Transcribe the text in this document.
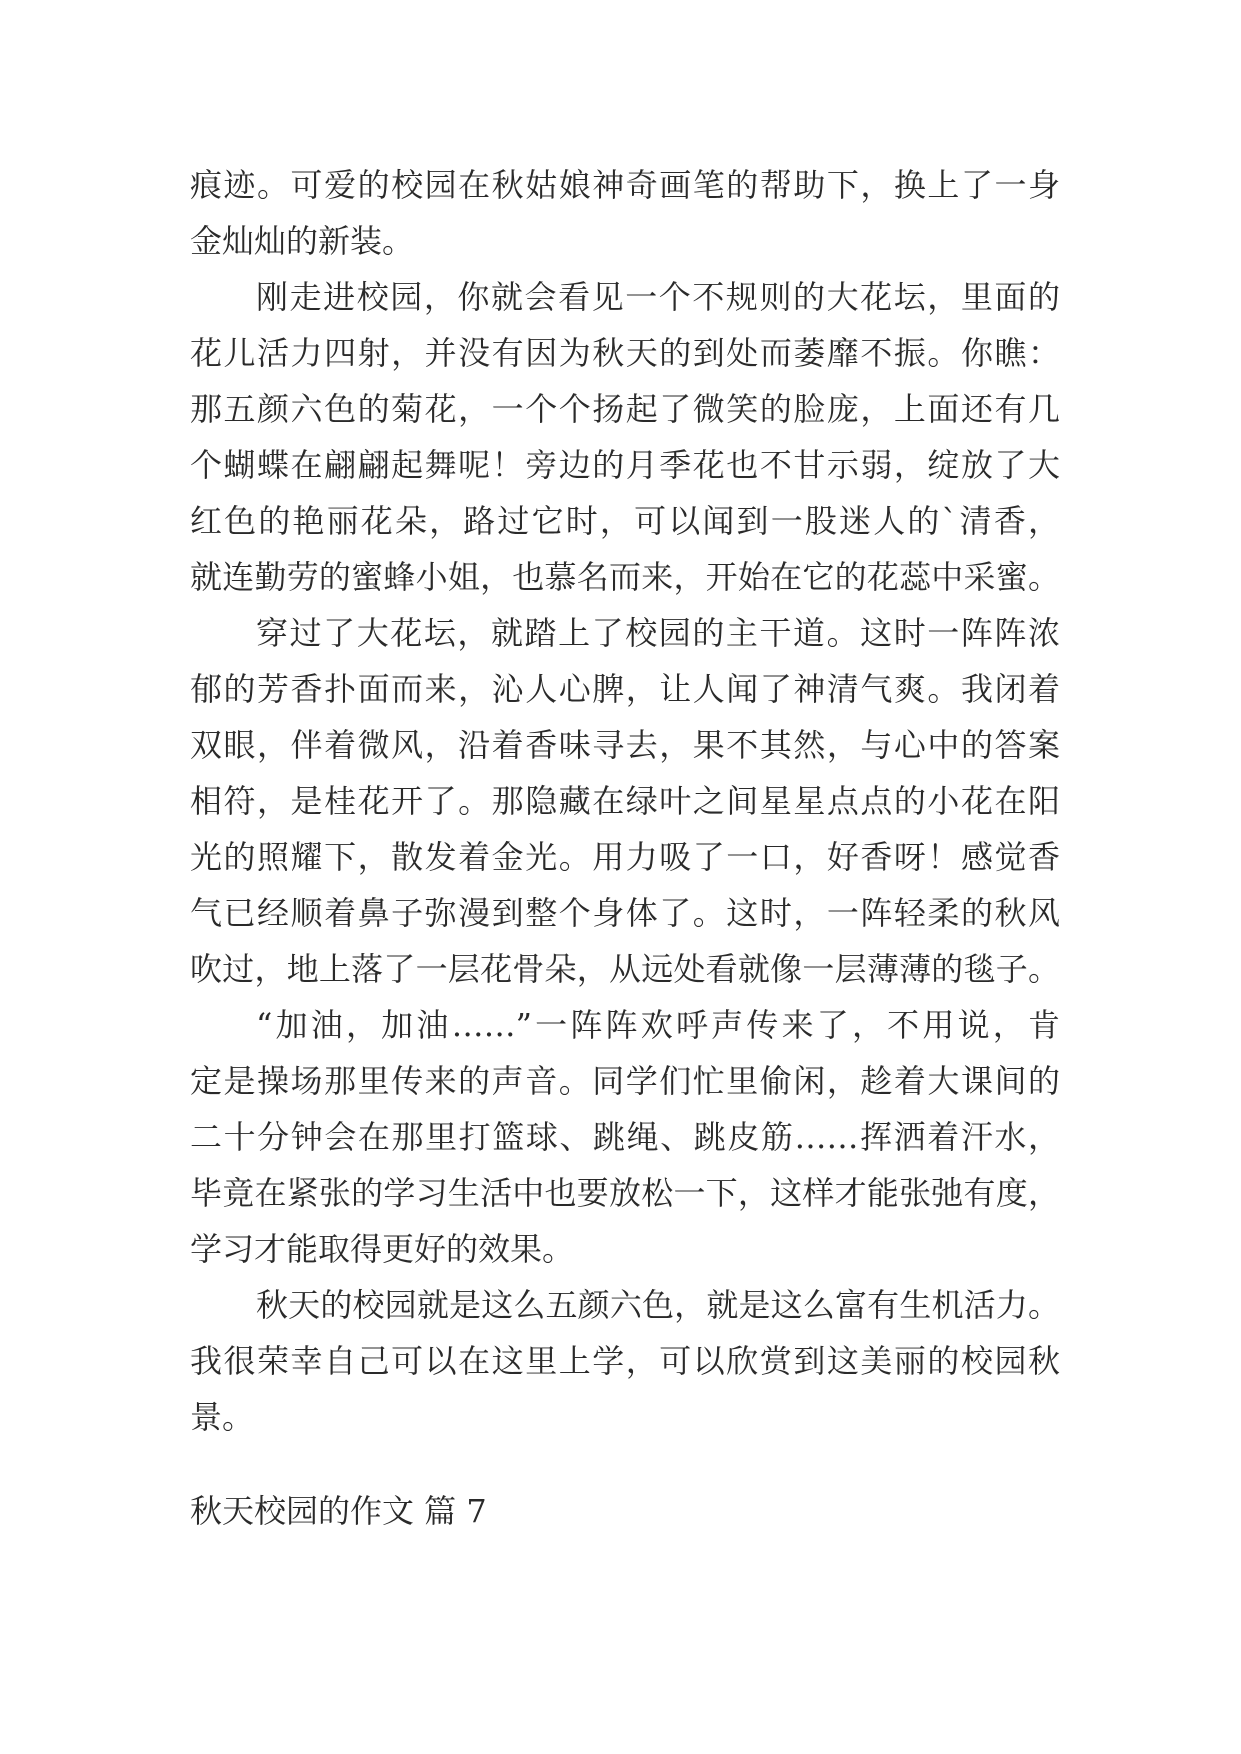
痕迹。可爱的校园在秋姑娘神奇画笔的帮助下，换上了一身
金灿灿的新装。
刚走进校园，你就会看见一个不规则的大花坛，里面的
花儿活力四射，并没有因为秋天的到处而萎靡不振。你瞧：
那五颜六色的菊花，一个个扬起了微笑的脸庞，上面还有几
个蝴蝶在翩翩起舞呢！旁边的月季花也不甘示弱，绽放了大
红色的艳丽花朵，路过它时，可以闻到一股迷人的`清香，
就连勤劳的蜜蜂小姐，也慕名而来，开始在它的花蕊中采蜜。
穿过了大花坛，就踏上了校园的主干道。这时一阵阵浓
郁的芳香扑面而来，沁人心脾，让人闻了神清气爽。我闭着
双眼，伴着微风，沿着香味寻去，果不其然，与心中的答案
相符，是桂花开了。那隐藏在绿叶之间星星点点的小花在阳
光的照耀下，散发着金光。用力吸了一口，好香呀！感觉香
气已经顺着鼻子弥漫到整个身体了。这时，一阵轻柔的秋风
吹过，地上落了一层花骨朵，从远处看就像一层薄薄的毯子。
“加油，加油……”一阵阵欢呼声传来了，不用说，肯
定是操场那里传来的声音。同学们忙里偷闲，趁着大课间的
二十分钟会在那里打篮球、跳绳、跳皮筋……挥洒着汗水，
毕竟在紧张的学习生活中也要放松一下，这样才能张弛有度，
学习才能取得更好的效果。
秋天的校园就是这么五颜六色，就是这么富有生机活力。
我很荣幸自己可以在这里上学，可以欣赏到这美丽的校园秋
景。
秋天校园的作文 篇 7
